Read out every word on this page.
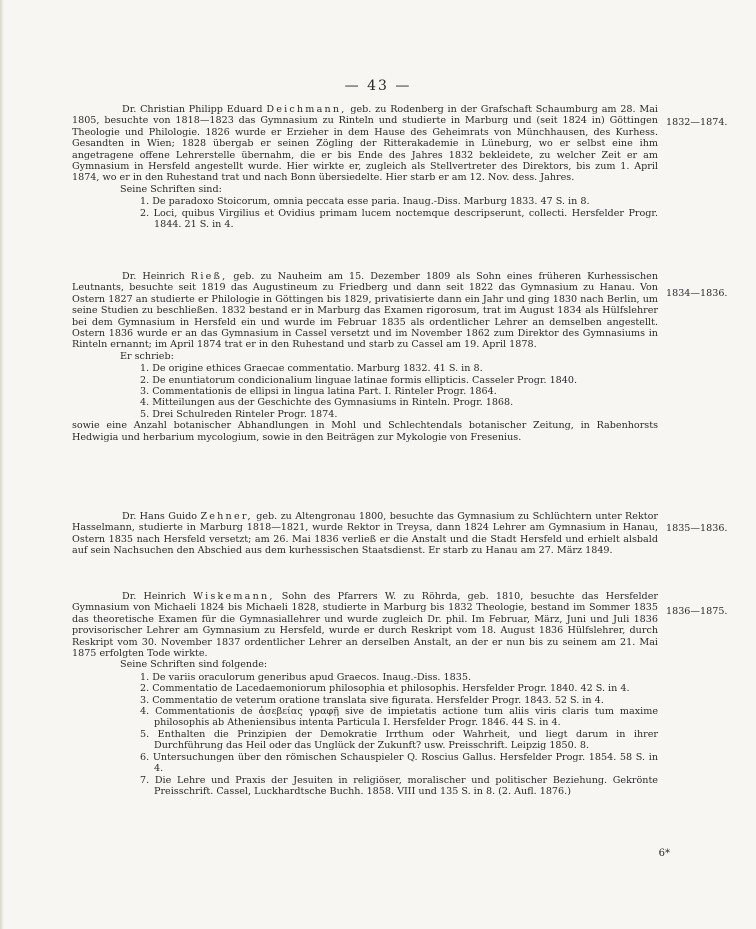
— 43 —
1832—1874.

Dr. Christian Philipp Eduard Deichmann, geb. zu Rodenberg in der Grafschaft Schaumburg am 28. Mai 1805, besuchte von 1818—1823 das Gymnasium zu Rinteln und studierte in Marburg und (seit 1824 in) Göttingen Theologie und Philologie. 1826 wurde er Erzieher in dem Hause des Geheimrats von Münchhausen, des Kurhess. Gesandten in Wien; 1828 übergab er seinen Zögling der Ritterakademie in Lüneburg, wo er selbst eine ihm angetragene offene Lehrerstelle übernahm, die er bis Ende des Jahres 1832 bekleidete, zu welcher Zeit er am Gymnasium in Hersfeld angestellt wurde. Hier wirkte er, zugleich als Stellvertreter des Direktors, bis zum 1. April 1874, wo er in den Ruhestand trat und nach Bonn übersiedelte. Hier starb er am 12. Nov. dess. Jahres.

Seine Schriften sind:

1. De paradoxo Stoicorum, omnia peccata esse paria. Inaug.-Diss. Marburg 1833. 47 S. in 8.
2. Loci, quibus Virgilius et Ovidius primam lucem noctemque descripserunt, collecti. Hersfelder Progr. 1844. 21 S. in 4.
1834—1836.

Dr. Heinrich Rieß, geb. zu Nauheim am 15. Dezember 1809 als Sohn eines früheren Kurhessischen Leutnants, besuchte seit 1819 das Augustineum zu Friedberg und dann seit 1822 das Gymnasium zu Hanau. Von Ostern 1827 an studierte er Philologie in Göttingen bis 1829, privatisierte dann ein Jahr und ging 1830 nach Berlin, um seine Studien zu beschließen. 1832 bestand er in Marburg das Examen rigorosum, trat im August 1834 als Hülfslehrer bei dem Gymnasium in Hersfeld ein und wurde im Februar 1835 als ordentlicher Lehrer an demselben angestellt. Ostern 1836 wurde er an das Gymnasium in Cassel versetzt und im November 1862 zum Direktor des Gymnasiums in Rinteln ernannt; im April 1874 trat er in den Ruhestand und starb zu Cassel am 19. April 1878.

Er schrieb:

1. De origine ethices Graecae commentatio. Marburg 1832. 41 S. in 8.
2. De enuntiatorum condicionalium linguae latinae formis ellipticis. Casseler Progr. 1840.
3. Commentationis de ellipsi in lingua latina Part. I. Rinteler Progr. 1864.
4. Mitteilungen aus der Geschichte des Gymnasiums in Rinteln. Progr. 1868.
5. Drei Schulreden Rinteler Progr. 1874.

sowie eine Anzahl botanischer Abhandlungen in Mohl und Schlechtendals botanischer Zeitung, in Rabenhorsts Hedwigia und herbarium mycologium, sowie in den Beiträgen zur Mykologie von Fresenius.

1835—1836.

Dr. Hans Guido Zehner, geb. zu Altengronau 1800, besuchte das Gymnasium zu Schlüchtern unter Rektor Hasselmann, studierte in Marburg 1818—1821, wurde Rektor in Treysa, dann 1824 Lehrer am Gymnasium in Hanau, Ostern 1835 nach Hersfeld versetzt; am 26. Mai 1836 verließ er die Anstalt und die Stadt Hersfeld und erhielt alsbald auf sein Nachsuchen den Abschied aus dem kurhessischen Staatsdienst. Er starb zu Hanau am 27. März 1849.

1836—1875.

Dr. Heinrich Wiskemann, Sohn des Pfarrers W. zu Röhrda, geb. 1810, besuchte das Hersfelder Gymnasium von Michaeli 1824 bis Michaeli 1828, studierte in Marburg bis 1832 Theologie, bestand im Sommer 1835 das theoretische Examen für die Gymnasiallehrer und wurde zugleich Dr. phil. Im Februar, März, Juni und Juli 1836 provisorischer Lehrer am Gymnasium zu Hersfeld, wurde er durch Reskript vom 18. August 1836 Hülfslehrer, durch Reskript vom 30. November 1837 ordentlicher Lehrer an derselben Anstalt, an der er nun bis zu seinem am 21. Mai 1875 erfolgten Tode wirkte.

Seine Schriften sind folgende:

1. De variis oraculorum generibus apud Graecos. Inaug.-Diss. 1835.
2. Commentatio de Lacedaemoniorum philosophia et philosophis. Hersfelder Progr. 1840. 42 S. in 4.
3. Commentatio de veterum oratione translata sive figurata. Hersfelder Progr. 1843. 52 S. in 4.
4. Commentationis de ἀσεβείας γραφῇ sive de impietatis actione tum aliis viris claris tum maxime philosophis ab Atheniensibus intenta Particula I. Hersfelder Progr. 1846. 44 S. in 4.
5. Enthalten die Prinzipien der Demokratie Irrthum oder Wahrheit, und liegt darum in ihrer Durchführung das Heil oder das Unglück der Zukunft? usw. Preisschrift. Leipzig 1850. 8.
6. Untersuchungen über den römischen Schauspieler Q. Roscius Gallus. Hersfelder Progr. 1854. 58 S. in 4.
7. Die Lehre und Praxis der Jesuiten in religiöser, moralischer und politischer Beziehung. Gekrönte Preisschrift. Cassel, Luckhardtsche Buchh. 1858. VIII und 135 S. in 8. (2. Aufl. 1876.)
6*
